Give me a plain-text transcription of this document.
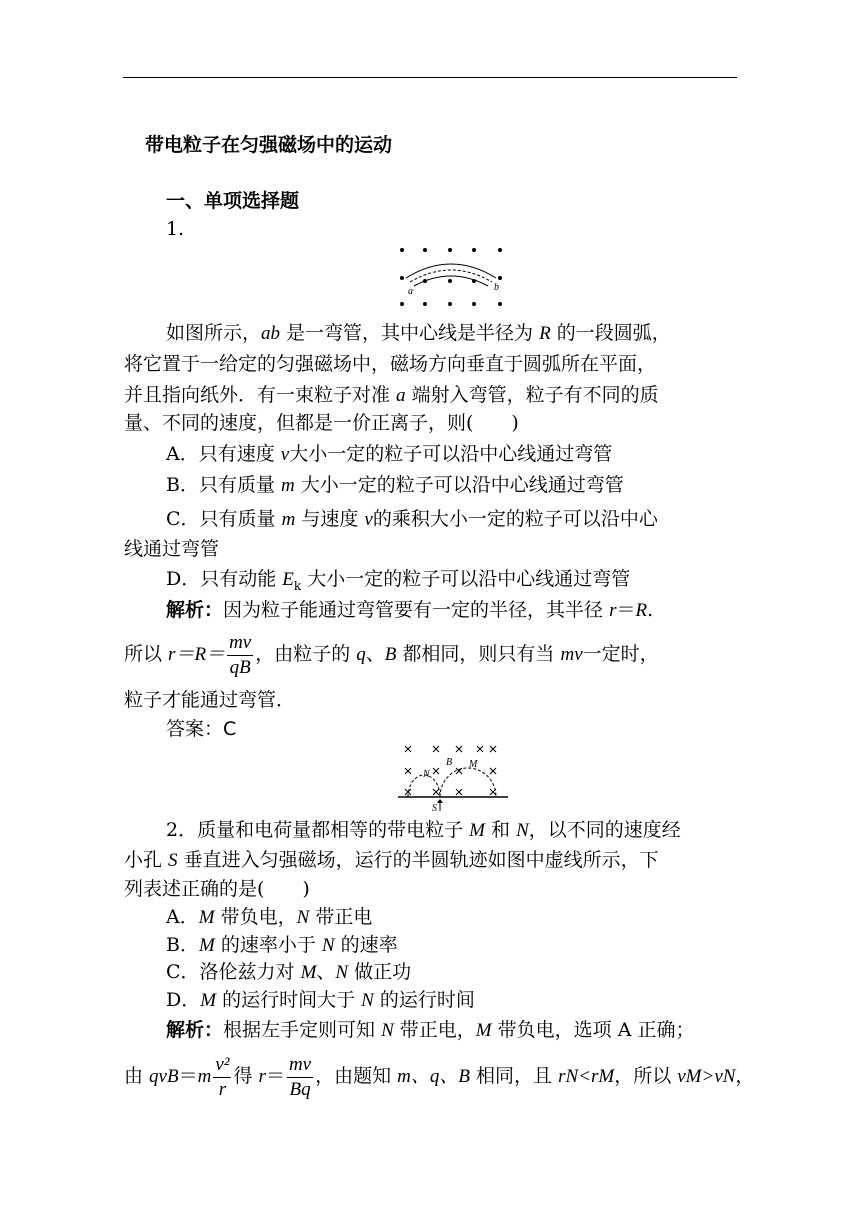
带电粒子在匀强磁场中的运动
一、单项选择题
1.
a	b
如图所示，ab 是一弯管，其中心线是半径为 R 的一段圆弧，
将它置于一给定的匀强磁场中，磁场方向垂直于圆弧所在平面，
并且指向纸外．有一束粒子对准 a 端射入弯管，粒子有不同的质
量、不同的速度，但都是一价正离子，则(　　)
A．只有速度 v大小一定的粒子可以沿中心线通过弯管
B．只有质量 m 大小一定的粒子可以沿中心线通过弯管
C．只有质量 m 与速度 v的乘积大小一定的粒子可以沿中心
线通过弯管
D．只有动能 $E_k$ 大小一定的粒子可以沿中心线通过弯管
解析：因为粒子能通过弯管要有一定的半径，其半径 r＝R.
所以 $r=R= \frac{mv}{qB}$ ，由粒子的 q、B 都相同，则只有当 mv一定时，
粒子才能通过弯管．
答案：C
N
B M
S
2．质量和电荷量都相等的带电粒子 M 和 N，以不同的速度经
小孔 S 垂直进入匀强磁场，运行的半圆轨迹如图中虚线所示，下
列表述正确的是(　　)
A．M 带负电，N 带正电
B．M 的速率小于 N 的速率
C．洛伦兹力对 M、N 做正功
D．M 的运行时间大于 N 的运行时间
解析：根据左手定则可知 N 带正电，M 带负电，选项 A 正确；
由 $qvB=m \frac{\text{v²}}{r}$ 得 $r= \frac{mv}{Bq}$ ，由题知 m、q、B 相同，且 rN<rM，所以 vM>vN，
